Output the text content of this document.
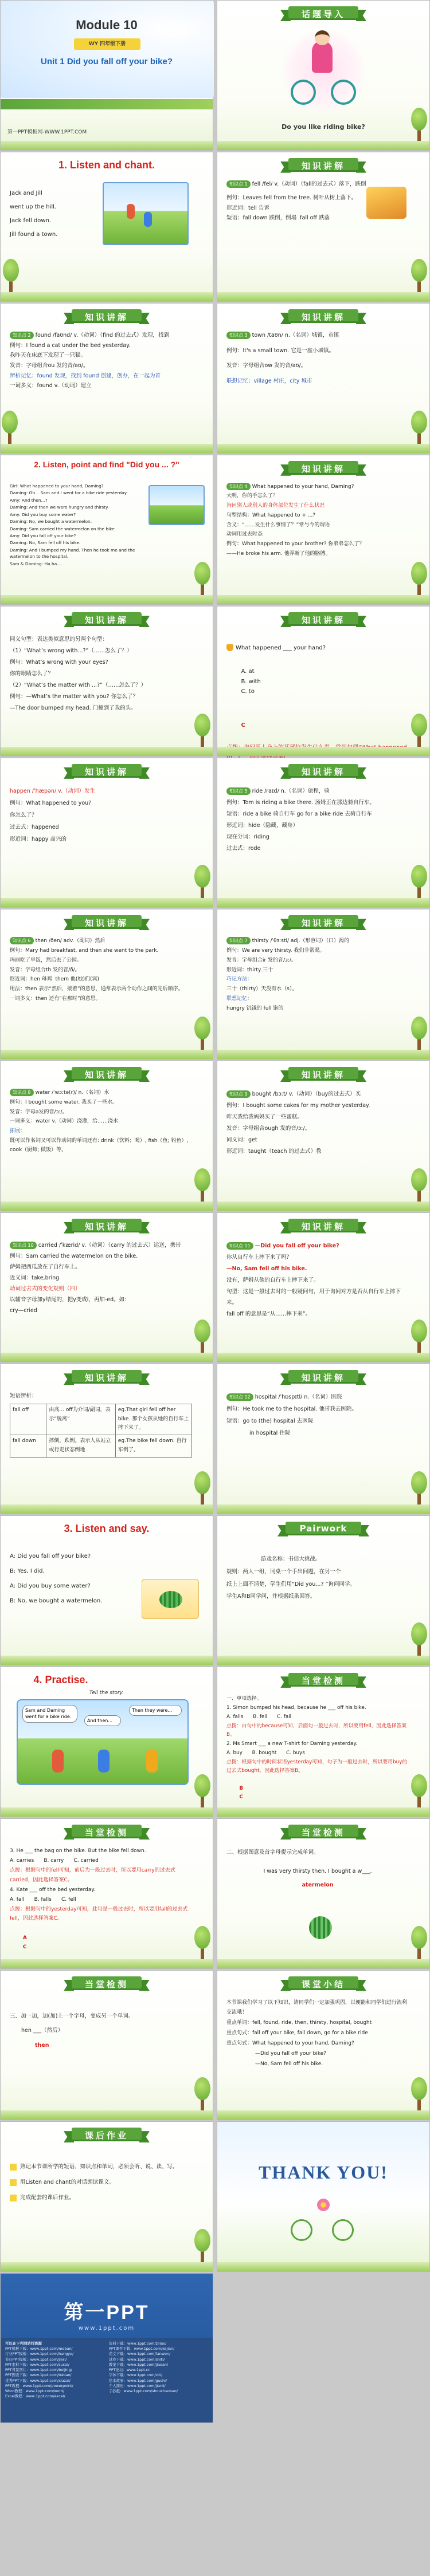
Module 10
WY 四年级下册
Unit 1 Did you fall off your bike?
第一PPT模板网-WWW.1PPT.COM
话题导入
Do you like riding bike?
1. Listen and chant.

Jack and Jill

went up the hill.

Jack fell down.

Jill found a town.

知识讲解

知识点 1 fell /fel/ v.（动词）（fall的过去式）落下，跌倒

例句：Leaves fell from the tree. 树叶从树上落下。

形近词：tell 告诉

短语：fall down 跌倒，倒塌  fall off 跌落

知识讲解

知识点 2 found /faʊnd/ v.（动词）（find 的过去式）发现，找到

例句：I found a cat under the bed yesterday.

我昨天在床底下发现了一只猫。

发音：字母组合ou 发的音/aʊ/。

辨析记忆：found 发现，找到 found 创建，创办，在一起为首

一词多义：found v.（动词）建立

知识讲解

知识点 3 town /taʊn/ n.（名词）城镇，市镇

例句：It's a small town. 它是一座小城镇。

发音：字母组合ow 发的音/aʊ/。

联想记忆：village 村庄，city 城市

2. Listen, point and find "Did you ... ?"

Girl: What happened to your hand, Daming?

Daming: Oh... Sam and I went for a bike ride yesterday.

Amy: And then...?

Daming: And then we were hungry and thirsty.

Amy: Did you buy some water?

Daming: No, we bought a watermelon.

Daming: Sam carried the watermelon on the bike.

Amy: Did you fall off your bike?

Daming: No, Sam fell off his bike.

Daming: And I bumped my hand. Then he took me and the watermelon to the hospital.

Sam & Daming: Ha ha...

知识讲解

知识点 4 What happened to your hand, Daming?

大明，你的手怎么了？

询问别人或别人的身体部位发生了什么状况

句型结构：What happened to + ...?

含义：“……发生什么事情了？”常与今的谓语

动词用过去时态

例句：What happened to your brother? 你弟弟怎么了？

——He broke his arm. 他弄断了他的胳膊。

知识讲解

同义句型：表达类似意思的另两个句型：

（1）“What’s wrong with...?”（……怎么了？）

例句：What’s wrong with your eyes?

你的眼睛怎么了？

（2）“What’s the matter with ...?”（……怎么了？）

例句：—What’s the matter with you? 你怎么了？

—The door bumped my head. 门撞到了我的头。

知识讲解

What happened ___ your hand?

A. at
B. with
C. to

C

知识讲解

happen /ˈhæpən/ v.（动词）发生

例句：What happened to you?

你怎么了？

过去式：happened

形近词：happy 高兴的

知识讲解

知识点 5 ride /raɪd/ n.（名词）旅程，骑

例句：Tom is riding a bike there. 汤姆正在那边骑自行车。

短语：ride a bike 骑自行车 go for a bike ride 去骑自行车

形近词：hide（隐藏，藏身）

现在分词：riding

过去式：rode

知识讲解

知识点 6 then /ðen/ adv.（副词）然后

例句：Mary had breakfast, and then she went to the park.

玛丽吃了早饭，然后去了公园。

发音：字母组合th 发的音/ð/。

形近词：hen 母鸡  them 他(她)们(宾)

用法：then 表示“然后，接着”的意思，通常表示两个动作之间的先后顺序。

一词多义：then 还有“在那时”的意思。

知识讲解

知识点 7 thirsty /ˈθɜːsti/ adj.（形容词）（口）渴的

例句：We are very thirsty. 我们非常渴。

发音：字母组合ir 发的音/ɜː/。

形近词：thirty 三十

巧记方法：

三十（thirty）天没有水（s）。

联想记忆：

hungry 饥饿的 full 饱的

知识讲解

知识点 8 water /ˈwɔːtə(r)/ n.（名词）水

例句：I bought some water. 我买了一些水。

发音：字母a发的音/ɔː/。

一词多义：water v.（动词）浇灌，给……浇水

拓展：

既可以作名词又可以作动词的单词还有: drink（饮料；喝）, fish（鱼; 钓鱼）, cook（厨师; 做饭）等。

知识讲解

知识点 9 bought /bɔːt/ v.（动词）（buy的过去式）买

例句：I bought some cakes for my mother yesterday.

昨天我给我妈妈买了一些蛋糕。

发音：字母组合ough 发的音/ɔː/。

同义词：get

形近词：taught（teach 的过去式）教

知识讲解

知识点 10 carried /ˈkærid/ v.（动词）（carry 的过去式）运送，携带

例句：Sam carried the watermelon on the bike.

萨姆把西瓜放在了自行车上。

近义词：take,bring

动词过去式的变化规则（四）

以辅音字母加y结尾的，把y变成i，再加-ed。如：

cry—cried

知识讲解

知识点 11 —Did you fall off your bike?

你从自行车上摔下来了吗？

—No, Sam fell off his bike.

没有，萨姆从他的自行车上摔下来了。

句型：这是一般过去时的一般疑问句，用于询问对方是否从自行车上摔下来。

fall off 的意思是“从……摔下来”。

知识讲解

短语辨析：

fall off	由高... off为介词/副词，表示“脱离”	eg.That girl fell off her bike. 那个女孩从她的自行车上摔下来了。
fall down	摔倒，跌倒。表示人从站立或行走状态倒地	eg.The bike fell down. 自行车倒了。
知识讲解

知识点 12 hospital /ˈhɒspɪtl/ n.（名词）医院

例句：He took me to the hospital. 他带我去医院。

短语：go to (the) hospital 去医院

in hospital 住院

3. Listen and say.

A: Did you fall off your bike?

B: Yes, I did.

A: Did you buy some water?

B: No, we bought a watermelon.

Pairwork

游戏名称：书信大挑战。

规则：两人一组，同桌一个手出问题，在另一个

纸上上面不清楚，学生们用“Did you...? ”询问同学。

学生A和B同学问，并根据纸条回答。

4. Practise.
Tell the story.
Sam and Daming went for a bike ride.
And then...
Then they were...
当堂检测

一、单项选择。

1. Simon bumped his head, because he ___ off his bike.

A. falls      B. fell      C. fall

点拨：由句中的because可知，后面句一般过去时，所以要用fell，因此选择答案B。

2. Ms Smart ___ a new T-shirt for Daming yesterday.

A. buy      B. bought      C. buys

点拨：根据句中的时间状语yesterday可知，句子为一般过去时，所以要用buy的过去式bought，因此选择答案B。

B
C

当堂检测

3. He ___ the bag on the bike. But the bike fell down.

A. carries      B. carry      C. carried

点拨：根据句中的fell可知，前后为一般过去时，所以要用carry的过去式carried，因此选择答案C。

4. Kate ___ off the bed yesterday.

A. fall      B. falls      C. fell

点拨：根据句中的yesterday可知，此句是一般过去时，所以要用fall的过去式fell，因此选择答案C。

A
C

当堂检测

二、根据图意及首字母提示完成单词。

I was very thirsty then. I bought a w___.

atermelon

当堂检测

三、加一加，加(加)上一个字母，变成另一个单词。

hen ___（然后）

then

课堂小结

本节课我们学习了以下知识，请同学们一定加强巩固，以便能和同学们进行流利交流哦！

重点单词：fell, found, ride, then, thirsty, hospital, bought

重点句式：fall off your bike, fall down, go for a bike ride

重点句式：What happened to your hand, Daming?

—Did you fall off your bike?

—No, Sam fell off his bike.

课后作业

熟记本节课所学的短语、知识点和单词，必须会听、说、读、写。

用Listen and chant的对话朗读课文。

完成配套的课后作业。

THANK YOU!
第一PPT
www.1ppt.com
可以在下列网站找资源
PPT模板下载：www.1ppt.com/moban/
行业PPT模板：www.1ppt.com/hangye/
节日PPT模板：www.1ppt.com/jieri/
PPT素材下载：www.1ppt.com/sucai/
PPT背景图片：www.1ppt.com/beijing/
PPT图表下载：www.1ppt.com/tubiao/
优秀PPT下载：www.1ppt.com/xiazai/
PPT教程：www.1ppt.com/powerpoint/
Word教程：www.1ppt.com/word/
Excel教程：www.1ppt.com/excel/
资料下载：www.1ppt.com/ziliao/
PPT课件下载：www.1ppt.com/kejian/
范文下载：www.1ppt.com/fanwen/
试卷下载：www.1ppt.com/shiti/
教案下载：www.1ppt.com/jiaoan/
PPT论坛：www.1ppt.cn
字体下载：www.1ppt.com/ziti/
绘本故事：www.1ppt.com/gushi/
个人简历：www.1ppt.com/jianli/
手抄报：www.1ppt.com/shouchaobao/
